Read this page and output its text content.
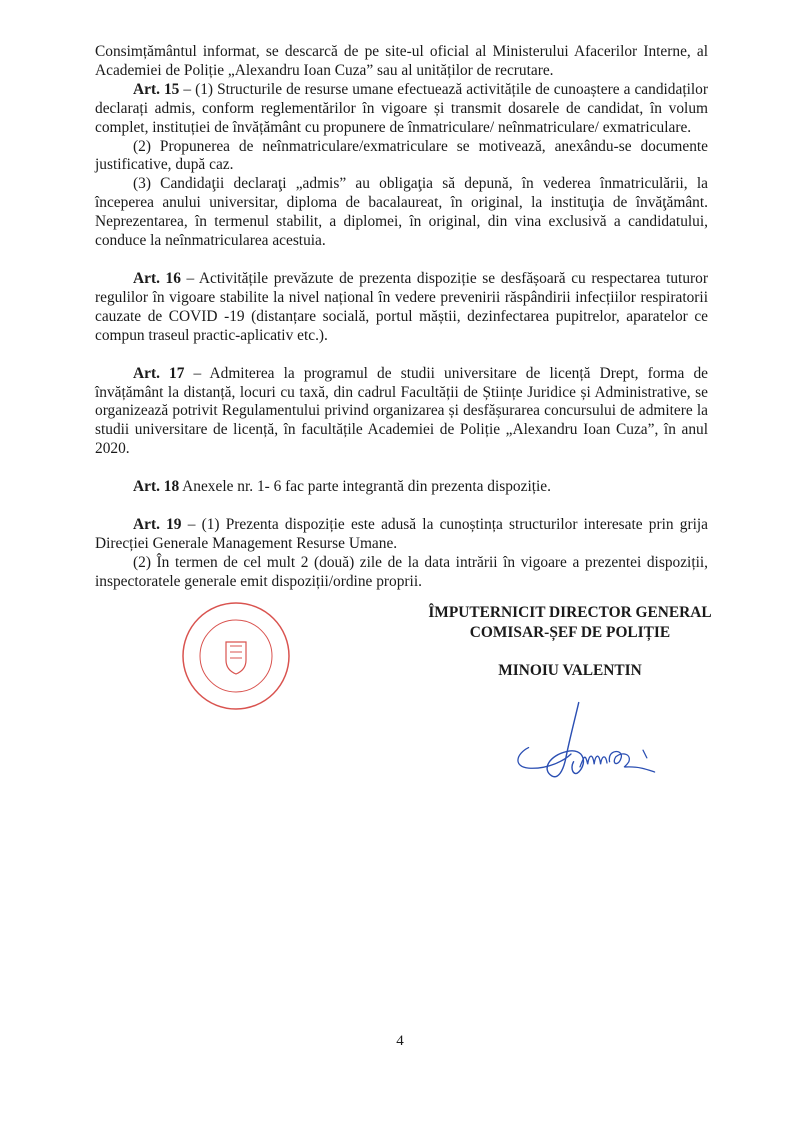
Consimțământul informat, se descarcă de pe site-ul oficial al Ministerului Afacerilor Interne, al Academiei de Poliție „Alexandru Ioan Cuza” sau al unităților de recrutare.

Art. 15 – (1) Structurile de resurse umane efectuează activitățile de cunoaștere a candidaților declarați admis, conform reglementărilor în vigoare și transmit dosarele de candidat, în volum complet, instituției de învățământ cu propunere de înmatriculare/ neînmatriculare/ exmatriculare.

(2) Propunerea de neînmatriculare/exmatriculare se motivează, anexându-se documente justificative, după caz.

(3) Candidaţii declaraţi „admis” au obligaţia să depună, în vederea înmatriculării, la începerea anului universitar, diploma de bacalaureat, în original, la instituţia de învăţământ. Neprezentarea, în termenul stabilit, a diplomei, în original, din vina exclusivă a candidatului, conduce la neînmatricularea acestuia.

Art. 16 – Activitățile prevăzute de prezenta dispoziție se desfășoară cu respectarea tuturor regulilor în vigoare stabilite la nivel național în vedere prevenirii răspândirii infecțiilor respiratorii cauzate de COVID -19 (distanțare socială, portul măștii, dezinfectarea pupitrelor, aparatelor ce compun traseul practic-aplicativ etc.).

Art. 17 – Admiterea la programul de studii universitare de licență Drept, forma de învățământ la distanță, locuri cu taxă, din cadrul Facultății de Științe Juridice și Administrative, se organizează potrivit Regulamentului privind organizarea și desfășurarea concursului de admitere la studii universitare de licență, în facultățile Academiei de Poliție „Alexandru Ioan Cuza”, în anul 2020.

Art. 18 Anexele nr. 1- 6 fac parte integrantă din prezenta dispoziție.

Art. 19 – (1) Prezenta dispoziție este adusă la cunoștința structurilor interesate prin grija Direcției Generale Management Resurse Umane.

(2) În termen de cel mult 2 (două) zile de la data intrării în vigoare a prezentei dispoziții, inspectoratele generale emit dispoziții/ordine proprii.

ÎMPUTERNICIT DIRECTOR GENERAL
COMISAR-ȘEF DE POLIȚIE
MINOIU VALENTIN
4
